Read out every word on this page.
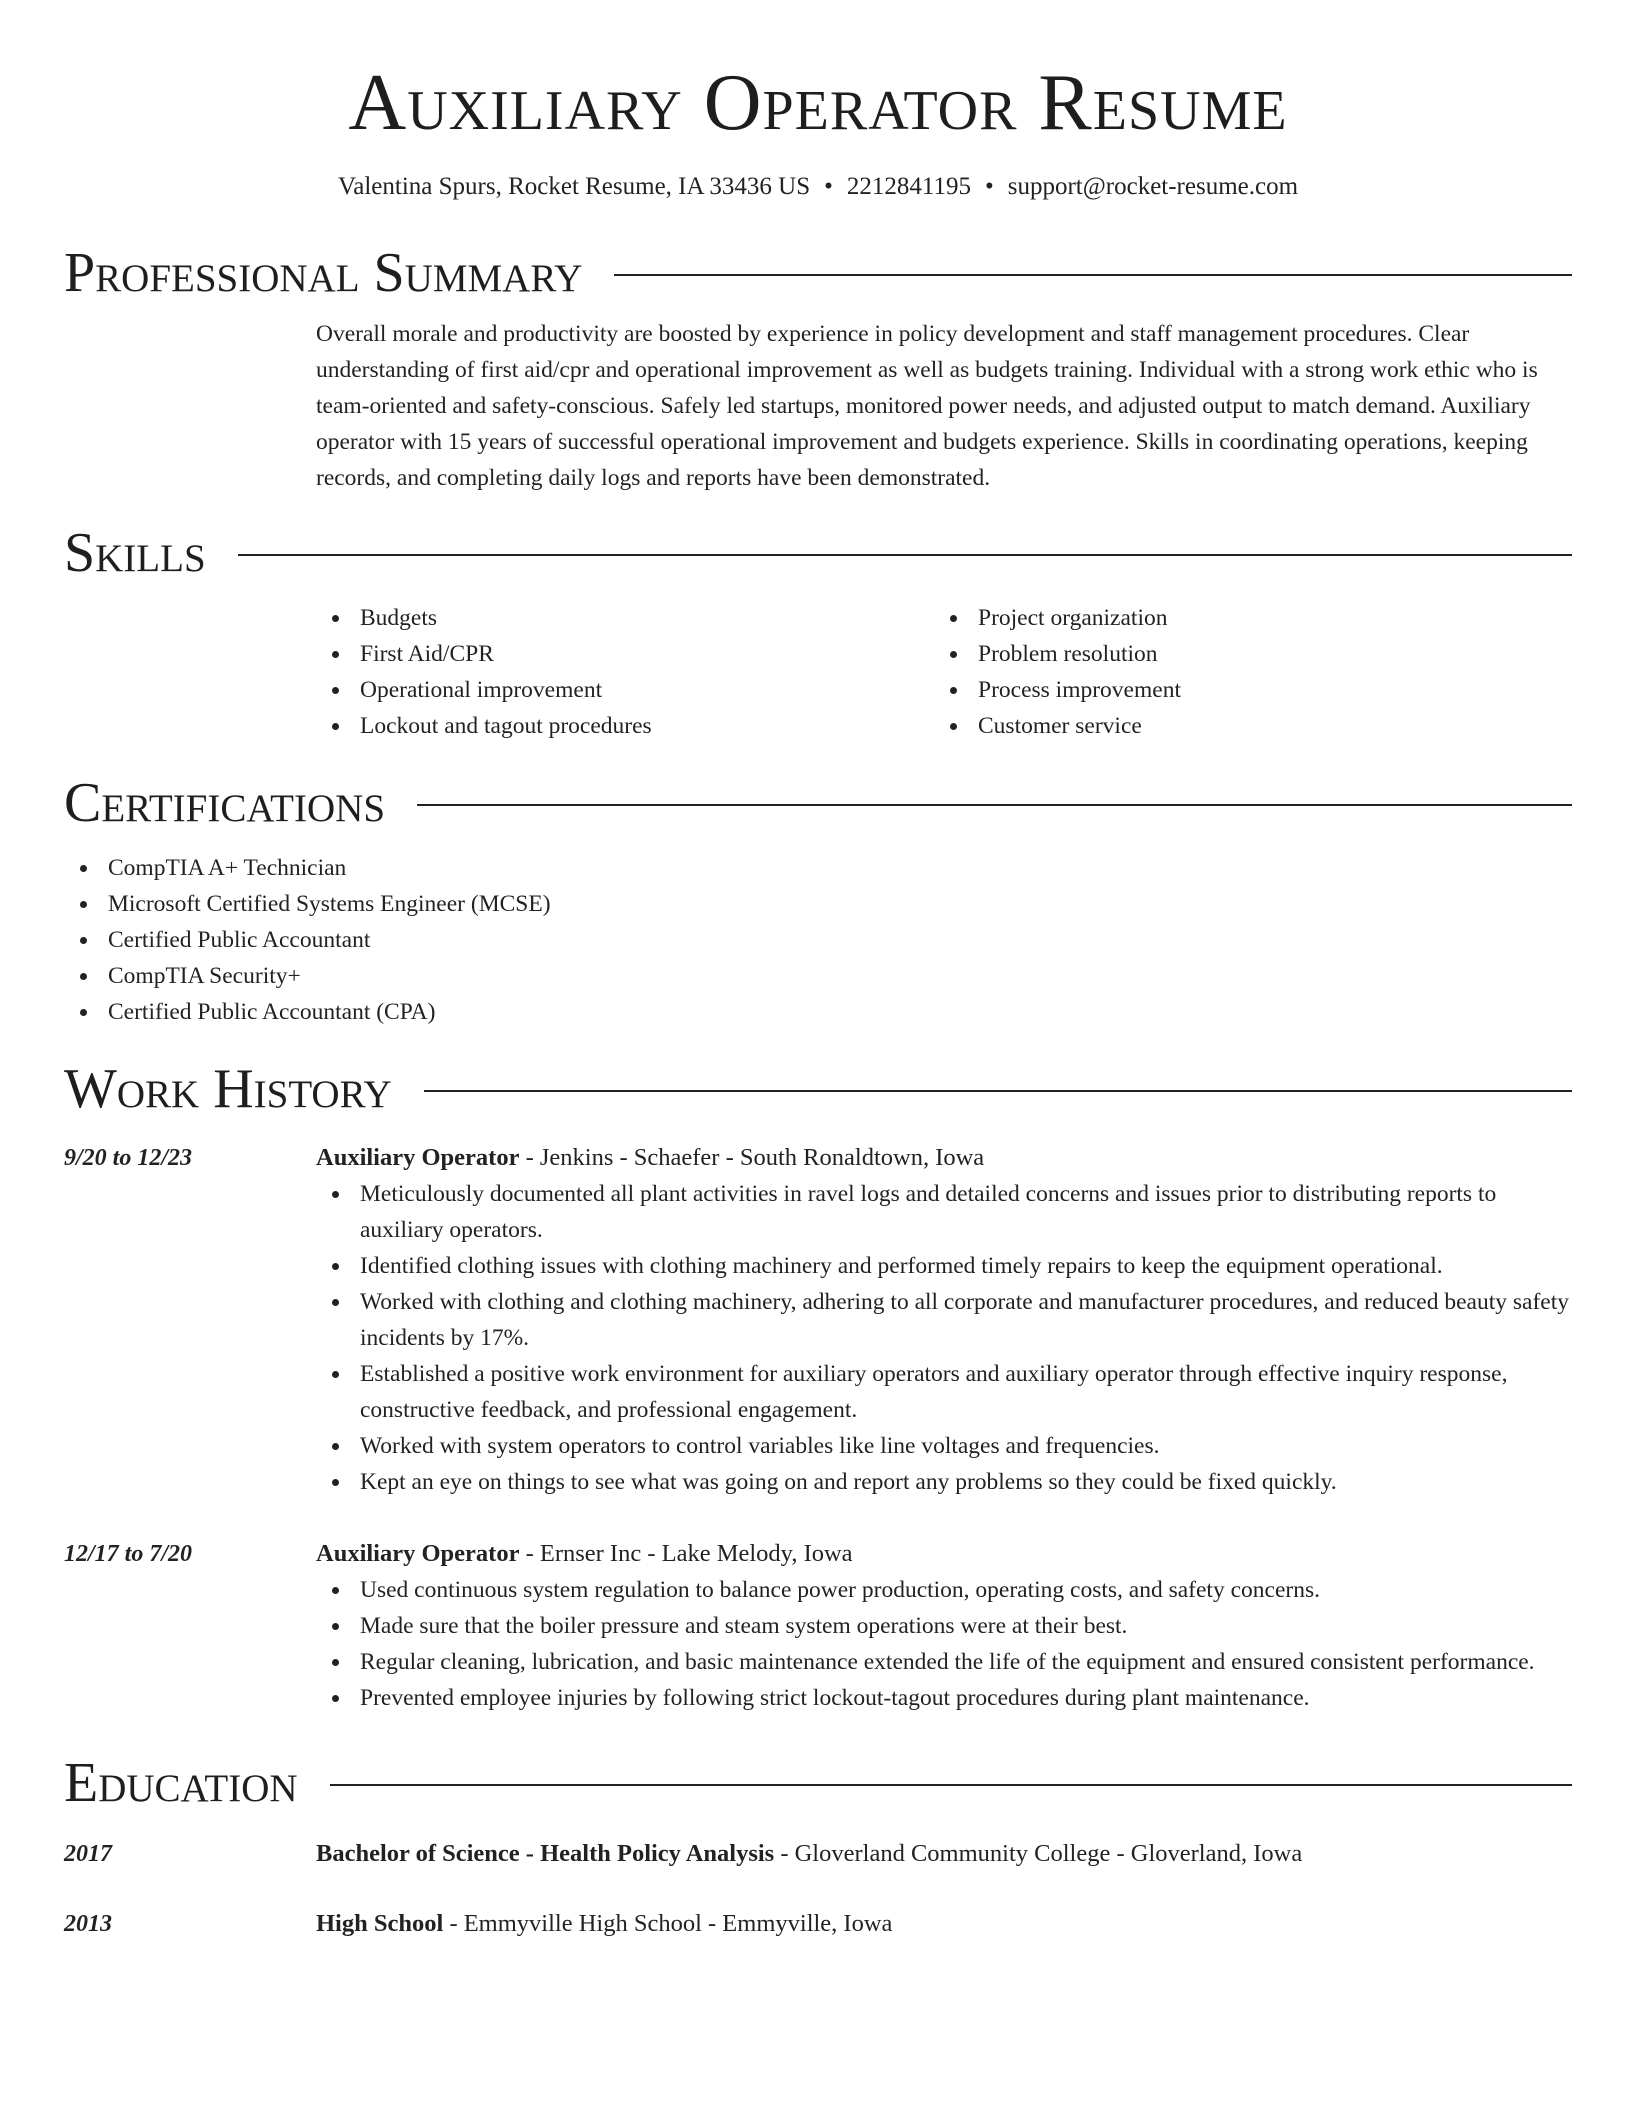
Auxiliary Operator Resume
Valentina Spurs, Rocket Resume, IA 33436 US • 2212841195 • support@rocket-resume.com
Professional Summary
Overall morale and productivity are boosted by experience in policy development and staff management procedures. Clear understanding of first aid/cpr and operational improvement as well as budgets training. Individual with a strong work ethic who is team-oriented and safety-conscious. Safely led startups, monitored power needs, and adjusted output to match demand. Auxiliary operator with 15 years of successful operational improvement and budgets experience. Skills in coordinating operations, keeping records, and completing daily logs and reports have been demonstrated.
Skills
Budgets
First Aid/CPR
Operational improvement
Lockout and tagout procedures
Project organization
Problem resolution
Process improvement
Customer service
Certifications
CompTIA A+ Technician
Microsoft Certified Systems Engineer (MCSE)
Certified Public Accountant
CompTIA Security+
Certified Public Accountant (CPA)
Work History
9/20 to 12/23	Auxiliary Operator - Jenkins - Schaefer - South Ronaldtown, Iowa
Meticulously documented all plant activities in ravel logs and detailed concerns and issues prior to distributing reports to auxiliary operators.
Identified clothing issues with clothing machinery and performed timely repairs to keep the equipment operational.
Worked with clothing and clothing machinery, adhering to all corporate and manufacturer procedures, and reduced beauty safety incidents by 17%.
Established a positive work environment for auxiliary operators and auxiliary operator through effective inquiry response, constructive feedback, and professional engagement.
Worked with system operators to control variables like line voltages and frequencies.
Kept an eye on things to see what was going on and report any problems so they could be fixed quickly.
12/17 to 7/20	Auxiliary Operator - Ernser Inc - Lake Melody, Iowa
Used continuous system regulation to balance power production, operating costs, and safety concerns.
Made sure that the boiler pressure and steam system operations were at their best.
Regular cleaning, lubrication, and basic maintenance extended the life of the equipment and ensured consistent performance.
Prevented employee injuries by following strict lockout-tagout procedures during plant maintenance.
Education
2017	Bachelor of Science - Health Policy Analysis - Gloverland Community College - Gloverland, Iowa
2013	High School - Emmyville High School - Emmyville, Iowa
